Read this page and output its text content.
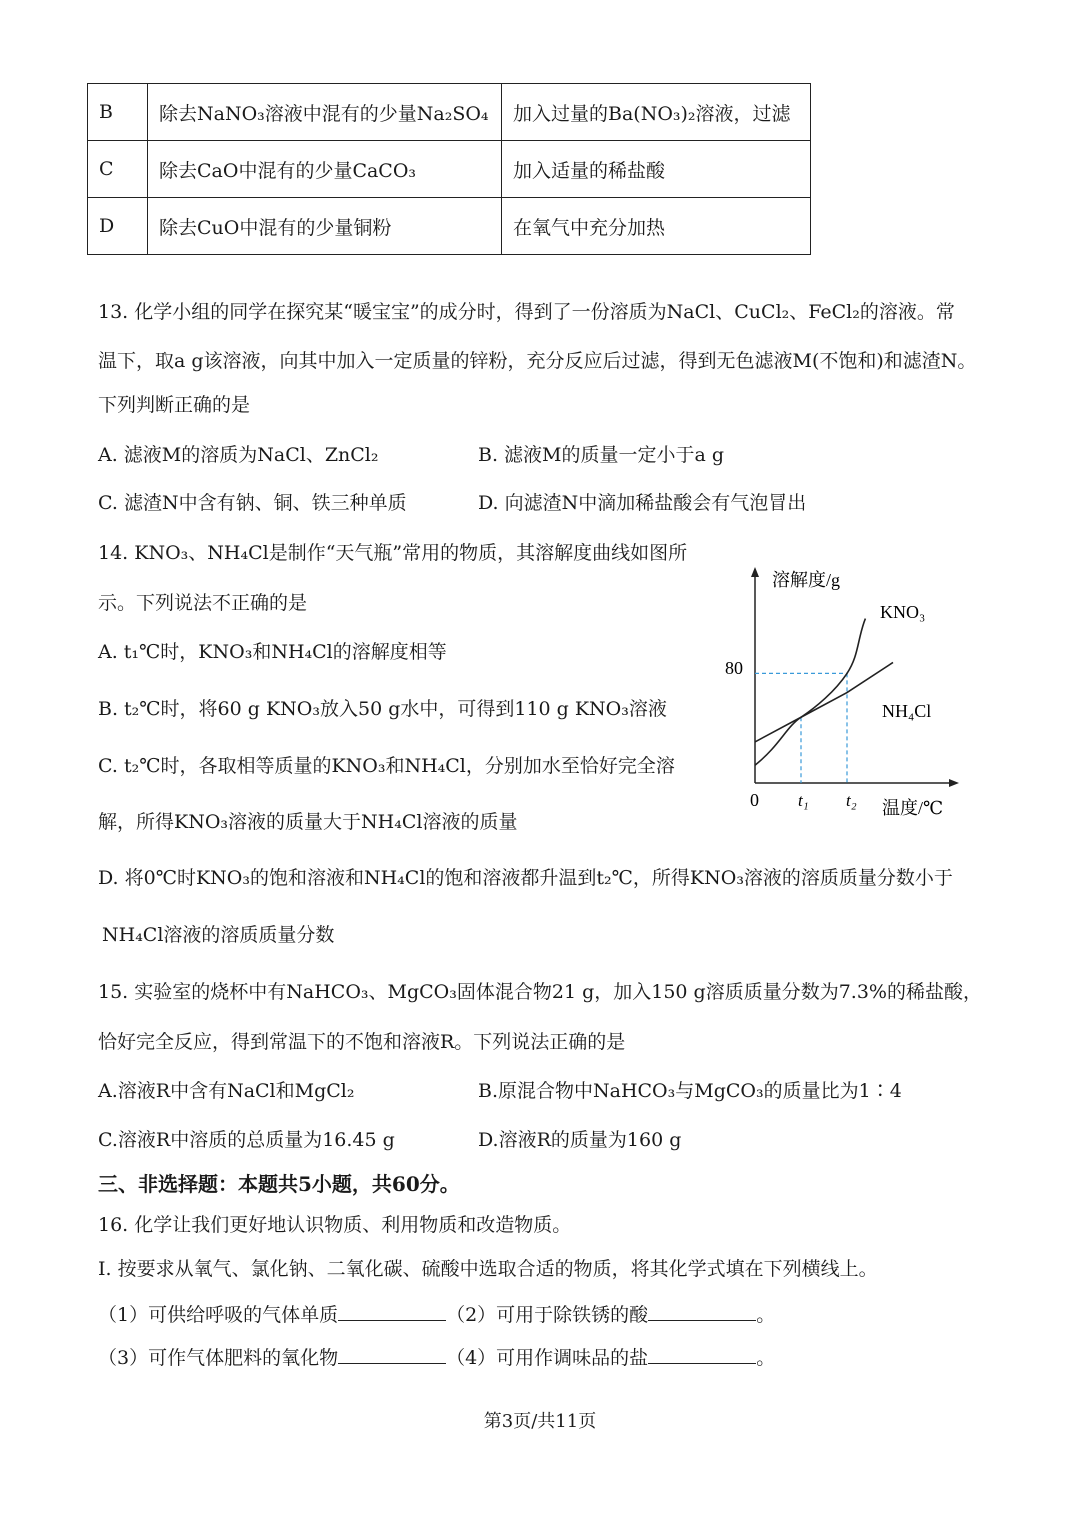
B	除去NaNO₃溶液中混有的少量Na₂SO₄	加入过量的Ba(NO₃)₂溶液，过滤
C	除去CaO中混有的少量CaCO₃	加入适量的稀盐酸
D	除去CuO中混有的少量铜粉	在氧气中充分加热
13. 化学小组的同学在探究某“暖宝宝”的成分时，得到了一份溶质为NaCl、CuCl₂、FeCl₂的溶液。常
温下，取a g该溶液，向其中加入一定质量的锌粉，充分反应后过滤，得到无色滤液M(不饱和)和滤渣N。
下列判断正确的是
A. 滤液M的溶质为NaCl、ZnCl₂	B. 滤液M的质量一定小于a g
C. 滤渣N中含有钠、铜、铁三种单质	D. 向滤渣N中滴加稀盐酸会有气泡冒出
14. KNO₃、NH₄Cl是制作“天气瓶”常用的物质，其溶解度曲线如图所
示。下列说法不正确的是
A. t₁℃时，KNO₃和NH₄Cl的溶解度相等
B. t₂℃时，将60 g KNO₃放入50 g水中，可得到110 g KNO₃溶液
C. t₂℃时，各取相等质量的KNO₃和NH₄Cl，分别加水至恰好完全溶
解，所得KNO₃溶液的质量大于NH₄Cl溶液的质量
D. 将0℃时KNO₃的饱和溶液和NH₄Cl的饱和溶液都升温到t₂℃，所得KNO₃溶液的溶质质量分数小于
NH₄Cl溶液的溶质质量分数
溶解度/g
温度/℃
0
80
t₁ t₂
KNO₃
NH₄Cl
15. 实验室的烧杯中有NaHCO₃、MgCO₃固体混合物21 g，加入150 g溶质质量分数为7.3%的稀盐酸，
恰好完全反应，得到常温下的不饱和溶液R。下列说法正确的是
A.溶液R中含有NaCl和MgCl₂	B.原混合物中NaHCO₃与MgCO₃的质量比为1∶4
C.溶液R中溶质的总质量为16.45 g	D.溶液R的质量为160 g
三、非选择题：本题共5小题，共60分。
16. 化学让我们更好地认识物质、利用物质和改造物质。
Ⅰ. 按要求从氧气、氯化钠、二氧化碳、硫酸中选取合适的物质，将其化学式填在下列横线上。
（1）可供给呼吸的气体单质	（2）可用于除铁锈的酸	。
（3）可作气体肥料的氧化物	（4）可用作调味品的盐	。
第3页/共11页
